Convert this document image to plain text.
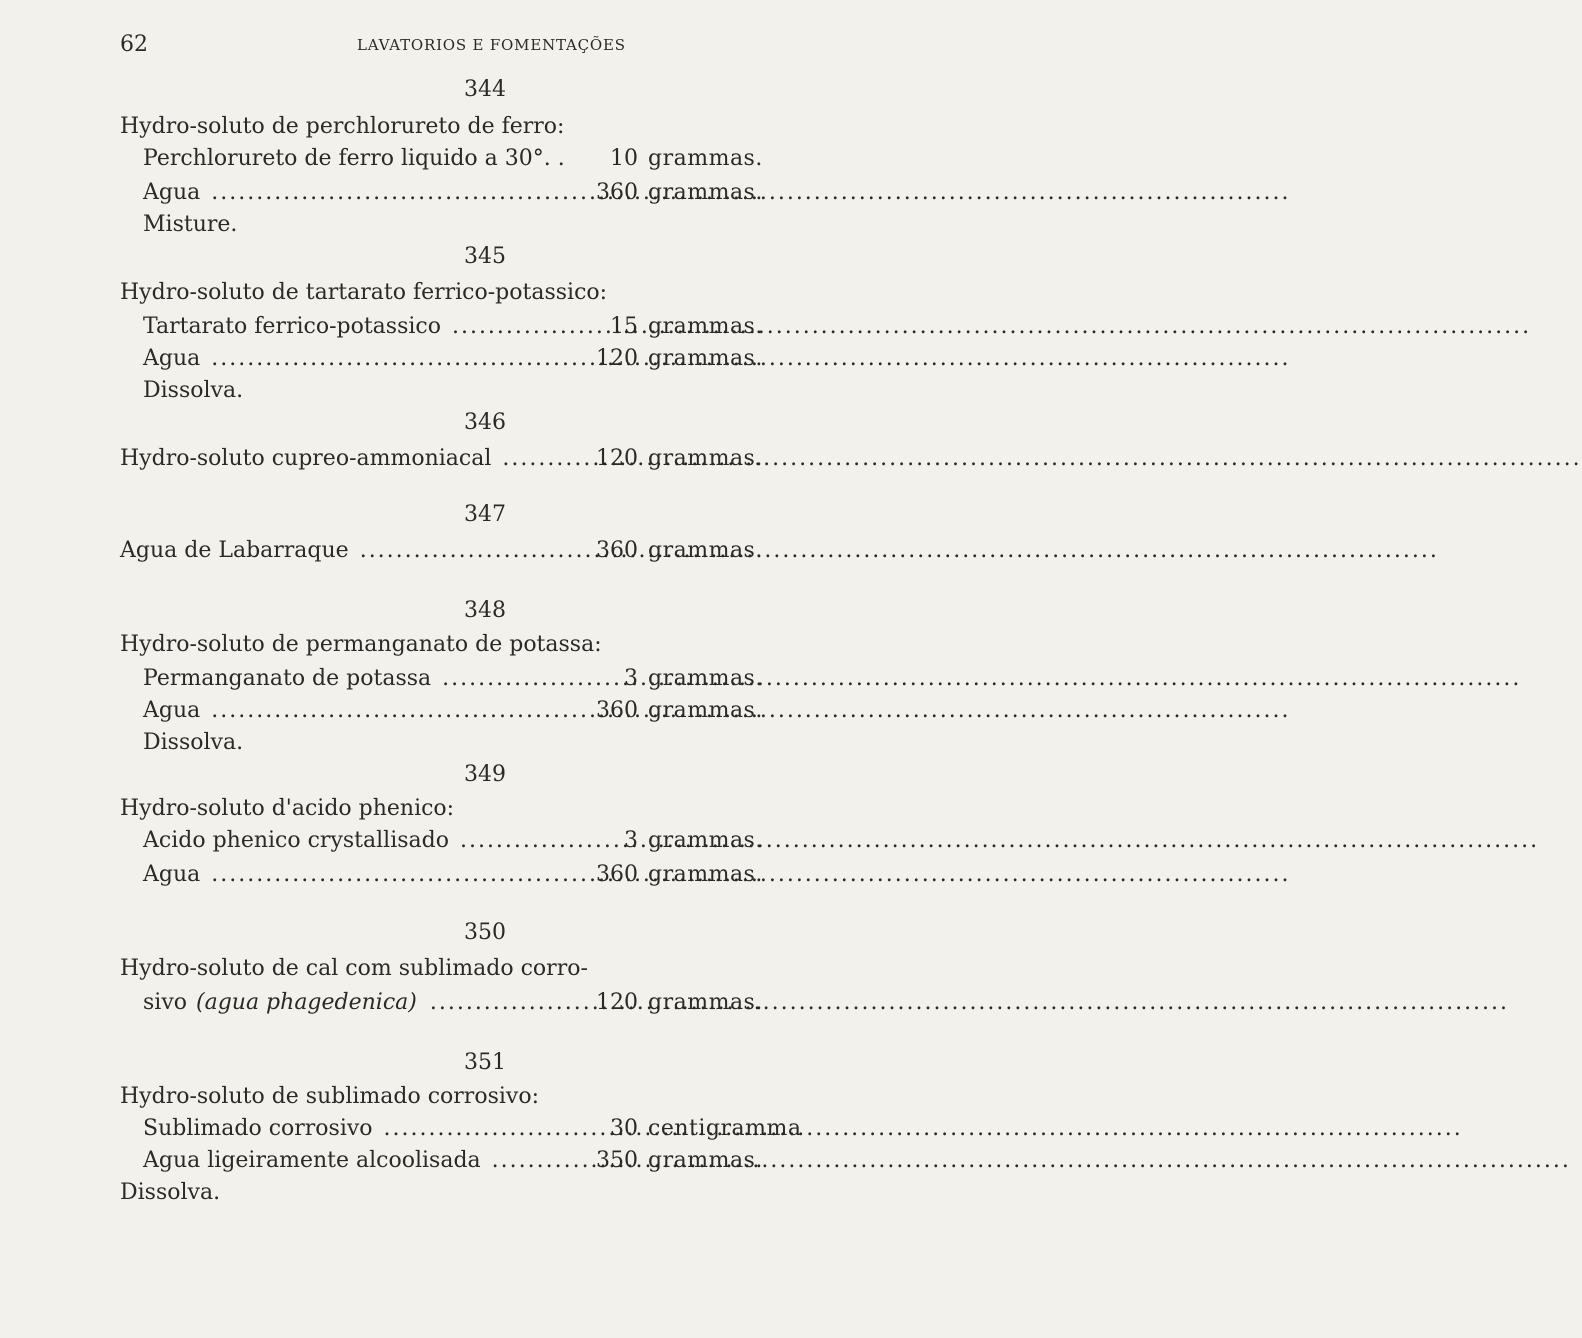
62	LAVATORIOS E FOMENTAÇÕES
344
Hydro-soluto de perchlorureto de ferro:
Perchlorureto de ferro liquido a 30°. .	10 grammas.
Agua .....	360 grammas.
Misture.
345
Hydro-soluto de tartarato ferrico-potassico:
Tartarato ferrico-potassico .....	15 grammas.
Agua .....	120 grammas.
Dissolva.
346
Hydro-soluto cupreo-ammoniacal .....	120 grammas.
347
Agua de Labarraque .....	360 grammas.
348
Hydro-soluto de permanganato de potassa:
Permanganato de potassa .....	3 grammas.
Agua .....	360 grammas.
Dissolva.
349
Hydro-soluto d'acido phenico:
Acido phenico crystallisado .....	3 grammas.
Agua .....	360 grammas.
350
Hydro-soluto de cal com sublimado corro-
sivo (agua phagedenica) .....	120 grammas.
351
Hydro-soluto de sublimado corrosivo:
Sublimado corrosivo .....	30 centigramma
Agua ligeiramente alcoolisada .....	350 grammas.
Dissolva.
